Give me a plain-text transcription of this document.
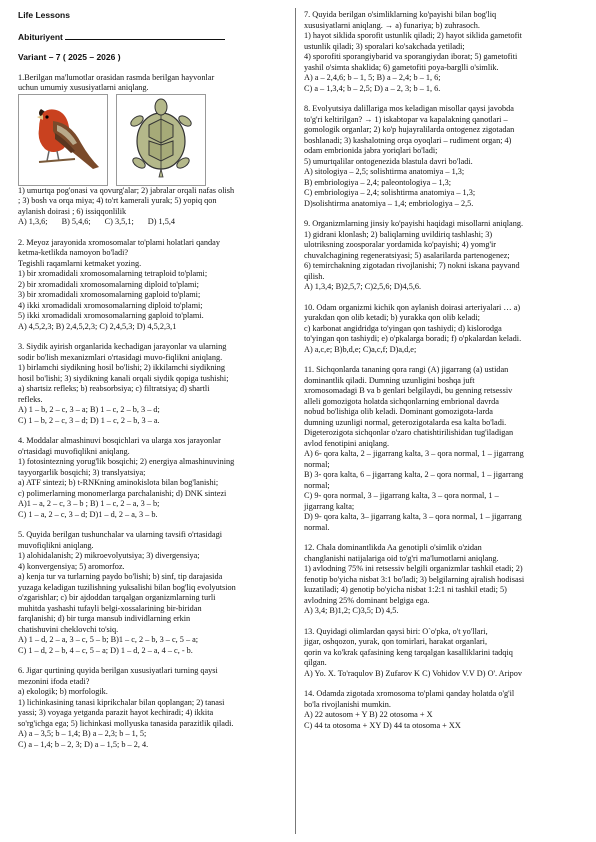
Life Lessons
Abituriyent
Variant – 7 ( 2025 – 2026 )
1.Berilgan ma'lumotlar orasidan rasmda berilgan hayvonlar
uchun umumiy xususiyatlarni aniqlang.
1) umurtqa pog'onasi va qovurg'alar; 2) jabralar orqali nafas olish
; 3) bosh va orqa miya; 4) to'rt kamerali yurak; 5) yopiq qon
aylanish doirasi ; 6) issiqqonlilik
A) 1,3,6; B) 5,4,6; C) 3,5,1; D) 1,5,4
2. Meyoz jarayonida xromosomalar to'plami holatlari qanday
ketma-ketlikda namoyon bo'ladi?
Tegishli raqamlarni ketmaket yozing.
1) bir xromadidali xromosomalarning tetraploid to'plami;
2) bir xromadidali xromosomalarning diploid to'plami;
3) bir xromadidali xromosomalarning gaploid to'plami;
4) ikki xromadidali xromosomalarning diploid to'plami;
5) ikki xromadidali xromosomalarning gaploid to'plami.
A) 4,5,2,3; B) 2,4,5,2,3; C) 2,4,5,3; D) 4,5,2,3,1
3. Siydik ayirish organlarida kechadigan jarayonlar va ularning
sodir bo'lish mexanizmlari o'rtasidagi muvo-fiqlikni aniqlang.
1) birlamchi siydikning hosil bo'lishi; 2) ikkilamchi siydikning
hosil bo'lishi; 3) siydikning kanali orqali siydik qopiga tushishi;
a) shartsiz refleks; b) reabsorbsiya; c) filtratsiya; d) shartli
refleks.
A) 1 – b, 2 – c, 3 – a; B) 1 – c, 2 – b, 3 – d;
C) 1 – b, 2 – c, 3 – d; D) 1 – c, 2 – b, 3 – a.
4. Moddalar almashinuvi bosqichlari va ularga xos jarayonlar
o'rtasidagi muvofiqlikni aniqlang.
1) fotosintezning yorug'lik bosqichi; 2) energiya almashinuvining
tayyorgarlik bosqichi; 3) translyatsiya;
a) ATF sintezi; b) t-RNKning aminokislota bilan bog'lanishi;
c) polimerlarning monomerlarga parchalanishi; d) DNK sintezi
A)1 – a, 2 – c, 3 – b ; B) 1 – c, 2 – a, 3 – b;
C) 1 – a, 2 – c, 3 – d; D)1 – d, 2 – a, 3 – b.
5. Quyida berilgan tushunchalar va ularning tavsifi o'rtasidagi
muvofiqlikni aniqlang.
1) alohidalanish; 2) mikroevolyutsiya; 3) divergensiya;
4) konvergensiya; 5) aromorfoz.
a) kenja tur va turlarning paydo bo'lishi; b) sinf, tip darajasida
yuzaga keladigan tuzilishning yuksalishi bilan bog'liq evolyutsion
o'zgarishlar; c) bir ajdoddan tarqalgan organizmlarning turli
muhitda yashashi tufayli belgi-xossalarining bir-biridan
farqlanishi; d) bir turga mansub individlarning erkin
chatishuvini cheklovchi to'siq.
A) 1 – d, 2 – a, 3 – c, 5 – b; B)1 – c, 2 – b, 3 – c, 5 – a;
C) 1 – d, 2 – b, 4 – c, 5 – a; D) 1 – d, 2 – a, 4 – c, - b.
6. Jigar qurtining quyida berilgan xususiyatlari turning qaysi
mezonini ifoda etadi?
a) ekologik; b) morfologik.
1) lichinkasining tanasi kiprikchalar bilan qoplangan; 2) tanasi
yassi; 3) voyaga yetganda parazit hayot kechiradi; 4) ikkita
so'rg'ichga ega; 5) lichinkasi mollyuska tanasida parazitlik qiladi.
A) a – 3,5; b – 1,4; B) a – 2,3; b – 1, 5;
C) a – 1,4; b – 2, 3; D) a – 1,5; b – 2, 4.
7. Quyida berilgan o'simliklarning ko'payishi bilan bog'liq
xususiyatlarni aniqlang. → a) funariya; b) zuhrasoch.
1) hayot siklida sporofit ustunlik qiladi; 2) hayot siklida gametofit
ustunlik qiladi; 3) sporalari ko'sakchada yetiladi;
4) sporofiti sporangiybarid va sporangiydan iborat; 5) gametofiti
yashil o'simta shaklida; 6) gametofiti poya-barglli o'simlik.
A) a – 2,4,6; b – 1, 5; B) a – 2,4; b – 1, 6;
C) a – 1,3,4; b – 2,5; D) a – 2, 3; b – 1, 6.
8. Evolyutsiya dalillariga mos keladigan misollar qaysi javobda
to'g'ri keltirilgan? → 1) iskabtopar va kapalakning qanotlari –
gomologik organlar; 2) ko'p hujayralilarda ontogenez zigotadan
boshlanadi; 3) kashalotning orqa oyoqlari – rudiment organ; 4)
odam embrionida jabra yoriqlari bo'ladi;
5) umurtqalilar ontogenezida blastula davri bo'ladi.
A) sitologiya – 2,5; solishtirma anatomiya – 1,3;
B) embriologiya – 2,4; paleontologiya – 1,3;
C) embriologiya – 2,4; solishtirma anatomiya – 1,3;
D)solishtirma anatomiya – 1,4; embriologiya – 2,5.
9. Organizmlarning jinsiy ko'payishi haqidagi misollarni aniqlang.
1) gidrani klonlash; 2) baliqlarning uvildiriq tashlashi; 3)
ulotriksning zoosporalar yordamida ko'payishi; 4) yomg'ir
chuvalchagining regeneratsiyasi; 5) asalarilarda partenogenez;
6) temirchakning zigotadan rivojlanishi; 7) nokni iskana payvand
qilish.
A) 1,3,4; B)2,5,7; C)2,5,6; D)4,5,6.
10. Odam organizmi kichik qon aylanish doirasi arteriyalari … a)
yurakdan qon olib ketadi; b) yurakka qon olib keladi;
c) karbonat angidridga to'yingan qon tashiydi; d) kislorodga
to'yingan qon tashiydi; e) o'pkalarga boradi; f) o'pkalardan keladi.
A) a,c,e; B)b,d,e; C)a,c,f; D)a,d,e;
11. Sichqonlarda tananing qora rangi (A) jigarrang (a) ustidan
dominantlik qiladi. Dumning uzunligini boshqa juft
xromosomadagi B va b genlari belgilaydi, bu genning retsessiv
alleli gomozigota holatda sichqonlarning embrional davrda
nobud bo'lishiga olib keladi. Dominant gomozigota-larda
dumning uzunligi normal, geterozigotalarda esa kalta bo'ladi.
Digeterozigota sichqonlar o'zaro chatishtirilishidan tug'iladigan
avlod fenotipini aniqlang.
A) 6- qora kalta, 2 – jigarrang kalta, 3 – qora normal, 1 – jigarrang
normal;
B) 3- qora kalta, 6 – jigarrang kalta, 2 – qora normal, 1 – jigarrang
normal;
C) 9- qora normal, 3 – jigarrang kalta, 3 – qora normal, 1 –
jigarrang kalta;
D) 9- qora kalta, 3– jigarrang kalta, 3 – qora normal, 1 – jigarrang
normal.
12. Chala dominantlikda Aa genotipli o'simlik o'zidan
changlanishi natijalariga oid to'g'ri ma'lumotlarni aniqlang.
1) avlodning 75% ini retsessiv belgili organizmlar tashkil etadi; 2)
fenotip bo'yicha nisbat 3:1 bo'ladi; 3) belgilarning ajralish hodisasi
kuzatiladi; 4) genotip bo'yicha nisbat 1:2:1 ni tashkil etadi; 5)
avlodning 25% dominant belgiga ega.
A) 3,4; B)1,2; C)3,5; D) 4,5.
13. Quyidagi olimlardan qaysi biri: O`o'pka, o't yo'llari,
jigar, oshqozon, yurak, qon tomirlari, harakat organlari,
qorin va ko'krak qafasining keng tarqalgan kasalliklarini tadqiq
qilgan.
A) Yo. X. To'raqulov B) Zufarov K C) Vohidov V.V D) O'. Aripov
14. Odamda zigotada xromosoma to'plami qanday holatda o'g'il
bo'la rivojlanishi mumkin.
A) 22 autosom + Y B) 22 otosoma + X
C) 44 ta otosoma + XY D) 44 ta otosoma + XX
